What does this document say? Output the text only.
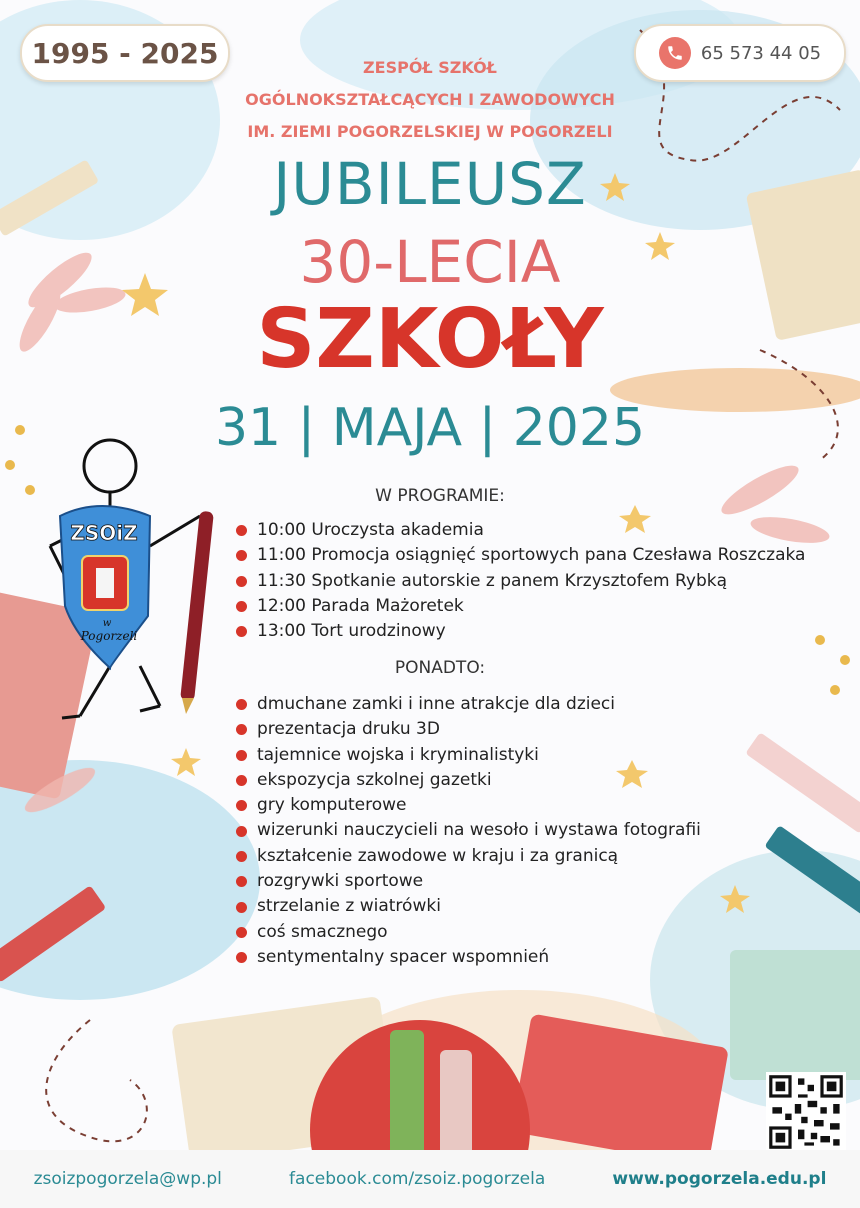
1995 - 2025	65 573 44 05
ZESPÓŁ SZKÓŁ
OGÓLNOKSZTAŁCĄCYCH I ZAWODOWYCH
IM. ZIEMI POGORZELSKIEJ W POGORZELI
JUBILEUSZ
30-LECIA
SZKOŁY
31 | MAJA | 2025
ZSOiZ
w
Pogorzeli
W PROGRAMIE:
10:00 Uroczysta akademia
11:00 Promocja osiągnięć sportowych pana Czesława Roszczaka
11:30 Spotkanie autorskie z panem Krzysztofem Rybką
12:00 Parada Mażoretek
13:00 Tort urodzinowy
PONADTO:
dmuchane zamki i inne atrakcje dla dzieci
prezentacja druku 3D
tajemnice wojska i kryminalistyki
ekspozycja szkolnej gazetki
gry komputerowe
wizerunki nauczycieli na wesoło i wystawa fotografii
kształcenie zawodowe w kraju i za granicą
rozgrywki sportowe
strzelanie z wiatrówki
coś smacznego
sentymentalny spacer wspomnień
zsoizpogorzela@wp.pl	facebook.com/zsoiz.pogorzela	www.pogorzela.edu.pl
